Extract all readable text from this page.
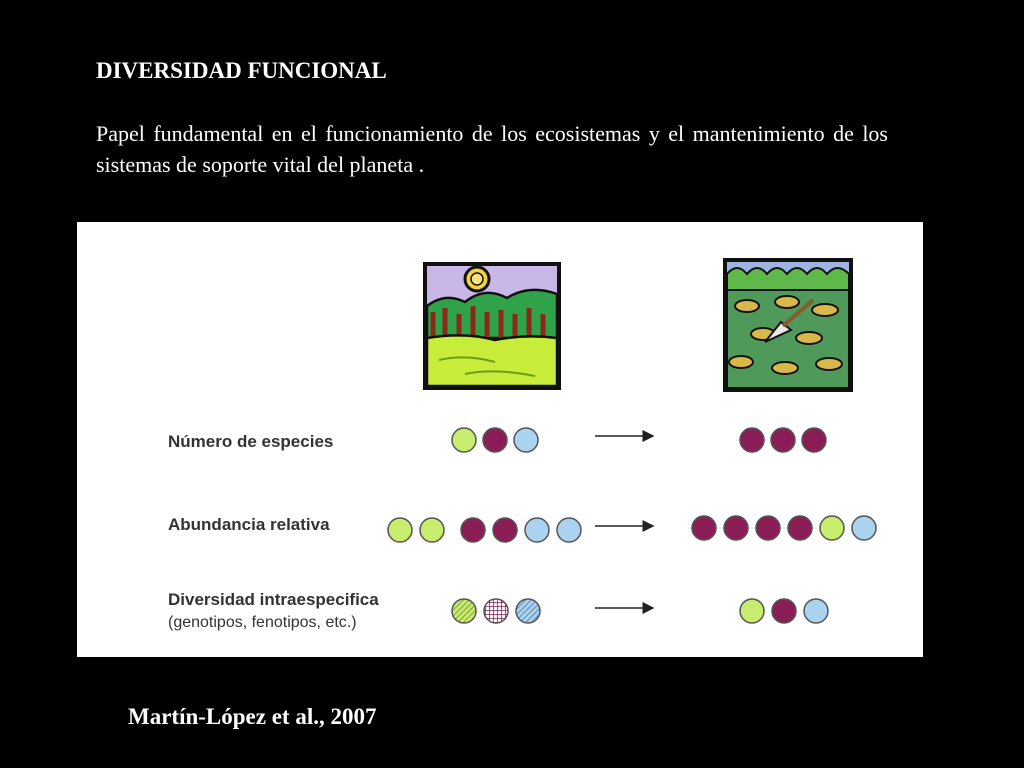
DIVERSIDAD FUNCIONAL

Papel fundamental en el funcionamiento de los ecosistemas y el mantenimiento de los sistemas de soporte vital del planeta .

Número de especies
Abundancia relativa
Diversidad intraespecifica
(genotipos, fenotipos, etc.)

Martín-López et al., 2007
